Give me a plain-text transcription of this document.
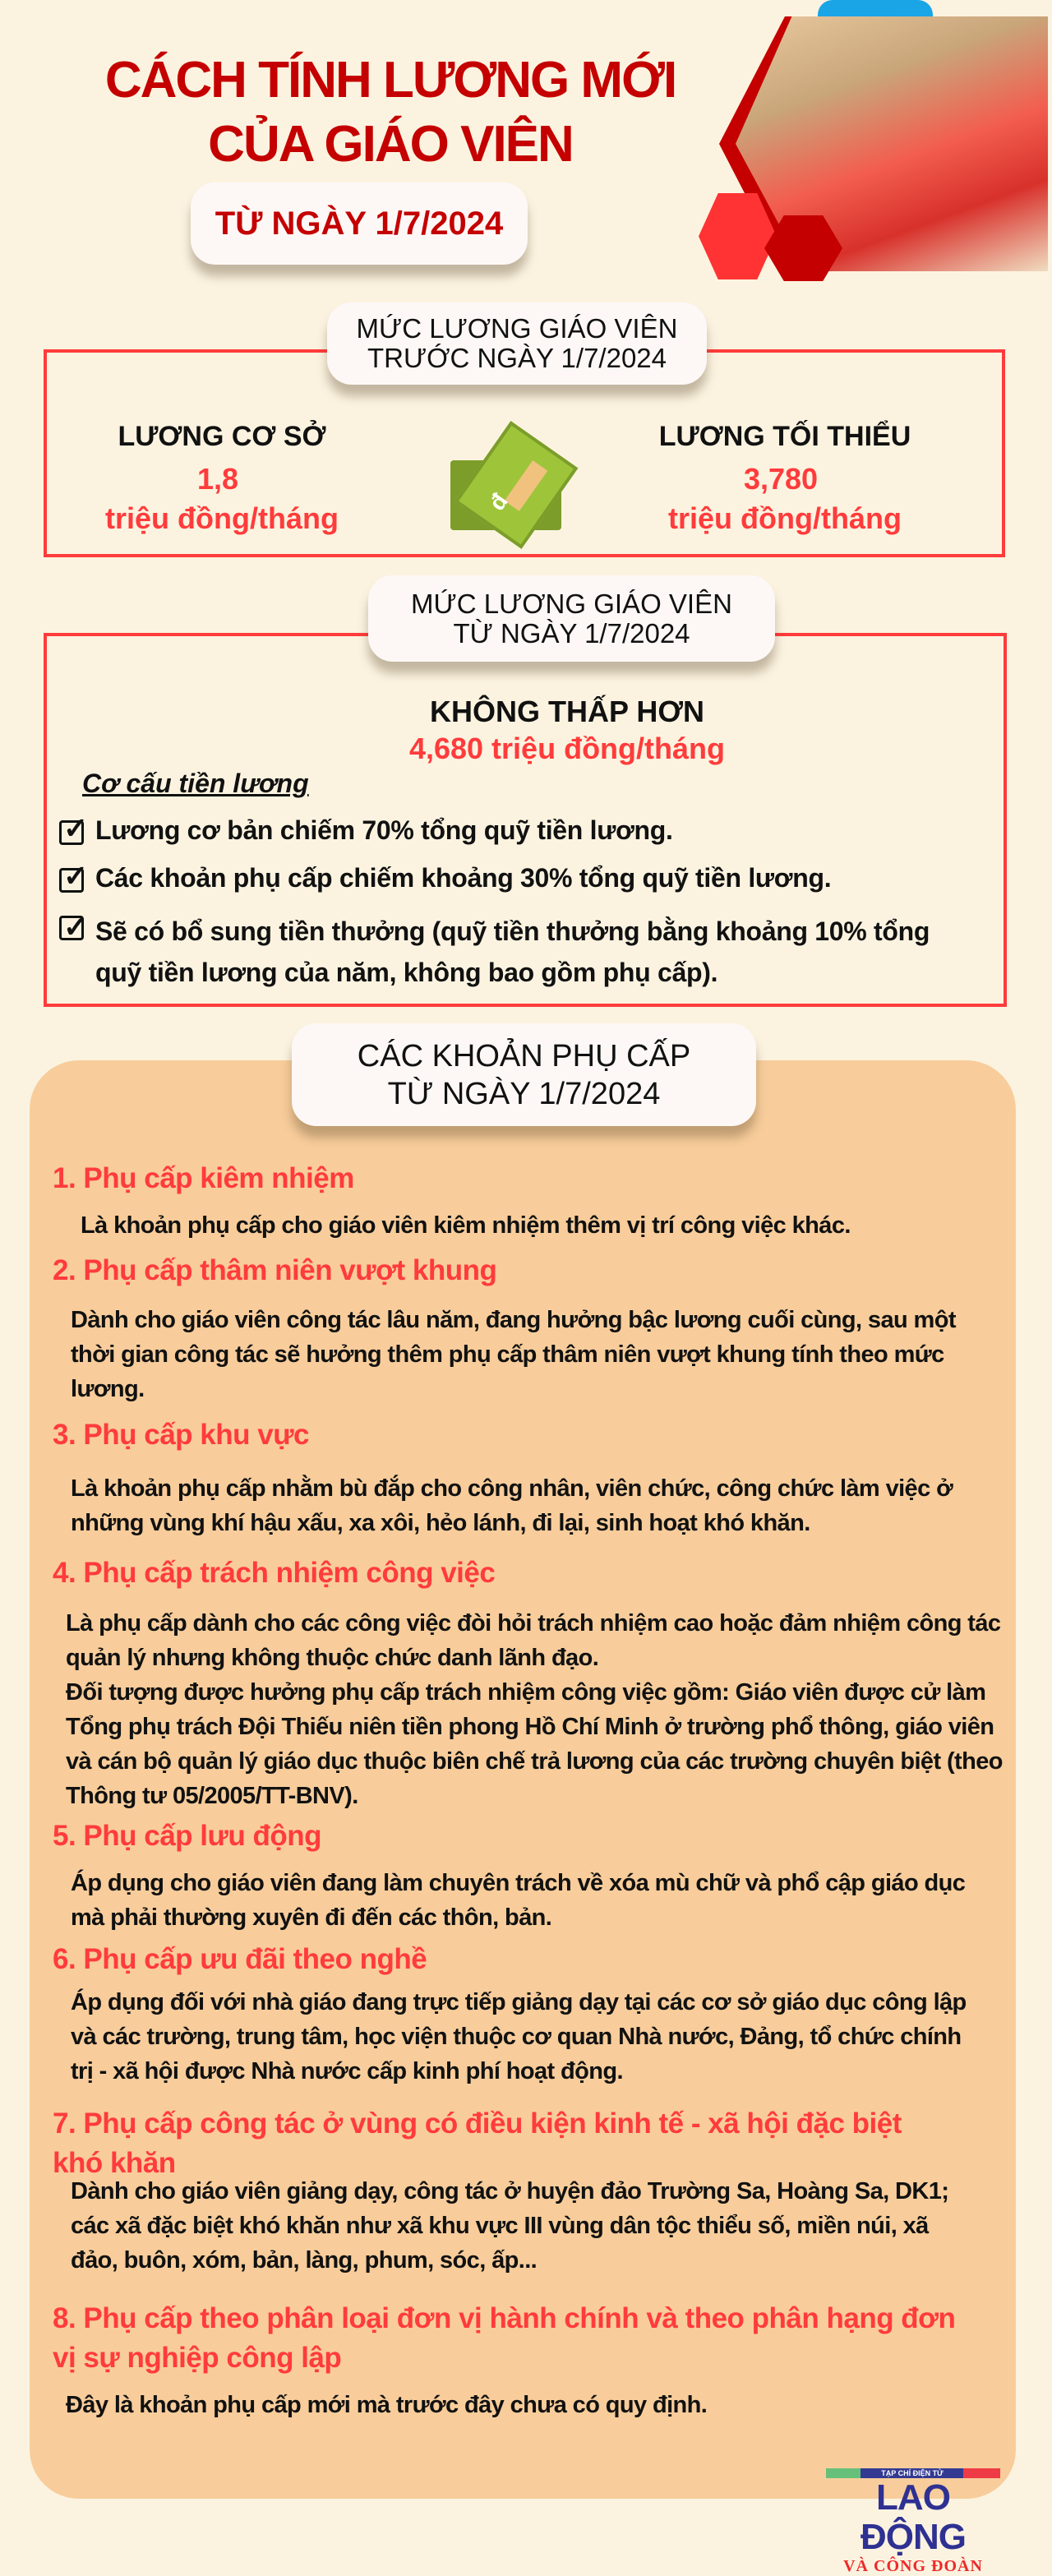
CÁCH TÍNH LƯƠNG MỚI
CỦA GIÁO VIÊN
TỪ NGÀY 1/7/2024
MỨC LƯƠNG GIÁO VIÊN
TRƯỚC NGÀY 1/7/2024
LƯƠNG CƠ SỞ
1,8
triệu đồng/tháng
LƯƠNG TỐI THIỂU
3,780
triệu đồng/tháng
đ
MỨC LƯƠNG GIÁO VIÊN
TỪ NGÀY 1/7/2024
KHÔNG THẤP HƠN
4,680 triệu đồng/tháng
Cơ cấu tiền lương
✓
Lương cơ bản chiếm 70% tổng quỹ tiền lương.
✓
Các khoản phụ cấp chiếm khoảng 30% tổng quỹ tiền lương.
✓
Sẽ có bổ sung tiền thưởng (quỹ tiền thưởng bằng khoảng 10% tổng quỹ tiền lương của năm, không bao gồm phụ cấp).
CÁC KHOẢN PHỤ CẤP
TỪ NGÀY 1/7/2024
1. Phụ cấp kiêm nhiệm
Là khoản phụ cấp cho giáo viên kiêm nhiệm thêm vị trí công việc khác.
2. Phụ cấp thâm niên vượt khung
Dành cho giáo viên công tác lâu năm, đang hưởng bậc lương cuối cùng, sau một thời gian công tác sẽ hưởng thêm phụ cấp thâm niên vượt khung tính theo mức lương.
3. Phụ cấp khu vực
Là khoản phụ cấp nhằm bù đắp cho công nhân, viên chức, công chức làm việc ở những vùng khí hậu xấu, xa xôi, hẻo lánh, đi lại, sinh hoạt khó khăn.
4. Phụ cấp trách nhiệm công việc
Là phụ cấp dành cho các công việc đòi hỏi trách nhiệm cao hoặc đảm nhiệm công tác quản lý nhưng không thuộc chức danh lãnh đạo.
Đối tượng được hưởng phụ cấp trách nhiệm công việc gồm: Giáo viên được cử làm Tổng phụ trách Đội Thiếu niên tiền phong Hồ Chí Minh ở trường phổ thông, giáo viên và cán bộ quản lý giáo dục thuộc biên chế trả lương của các trường chuyên biệt (theo Thông tư 05/2005/TT-BNV).
5. Phụ cấp lưu động
Áp dụng cho giáo viên đang làm chuyên trách về xóa mù chữ và phổ cập giáo dục mà phải thường xuyên đi đến các thôn, bản.
6. Phụ cấp ưu đãi theo nghề
Áp dụng đối với nhà giáo đang trực tiếp giảng dạy tại các cơ sở giáo dục công lập và các trường, trung tâm, học viện thuộc cơ quan Nhà nước, Đảng, tổ chức chính trị - xã hội được Nhà nước cấp kinh phí hoạt động.
7. Phụ cấp công tác ở vùng có điều kiện kinh tế - xã hội đặc biệt khó khăn
Dành cho giáo viên giảng dạy, công tác ở huyện đảo Trường Sa, Hoàng Sa, DK1; các xã đặc biệt khó khăn như xã khu vực III vùng dân tộc thiểu số, miền núi, xã đảo, buôn, xóm, bản, làng, phum, sóc, ấp...
8. Phụ cấp theo phân loại đơn vị hành chính và theo phân hạng đơn vị sự nghiệp công lập
Đây là khoản phụ cấp mới mà trước đây chưa có quy định.
TẠP CHÍ ĐIỆN TỬ
LAO ĐỘNG
VÀ CÔNG ĐOÀN
